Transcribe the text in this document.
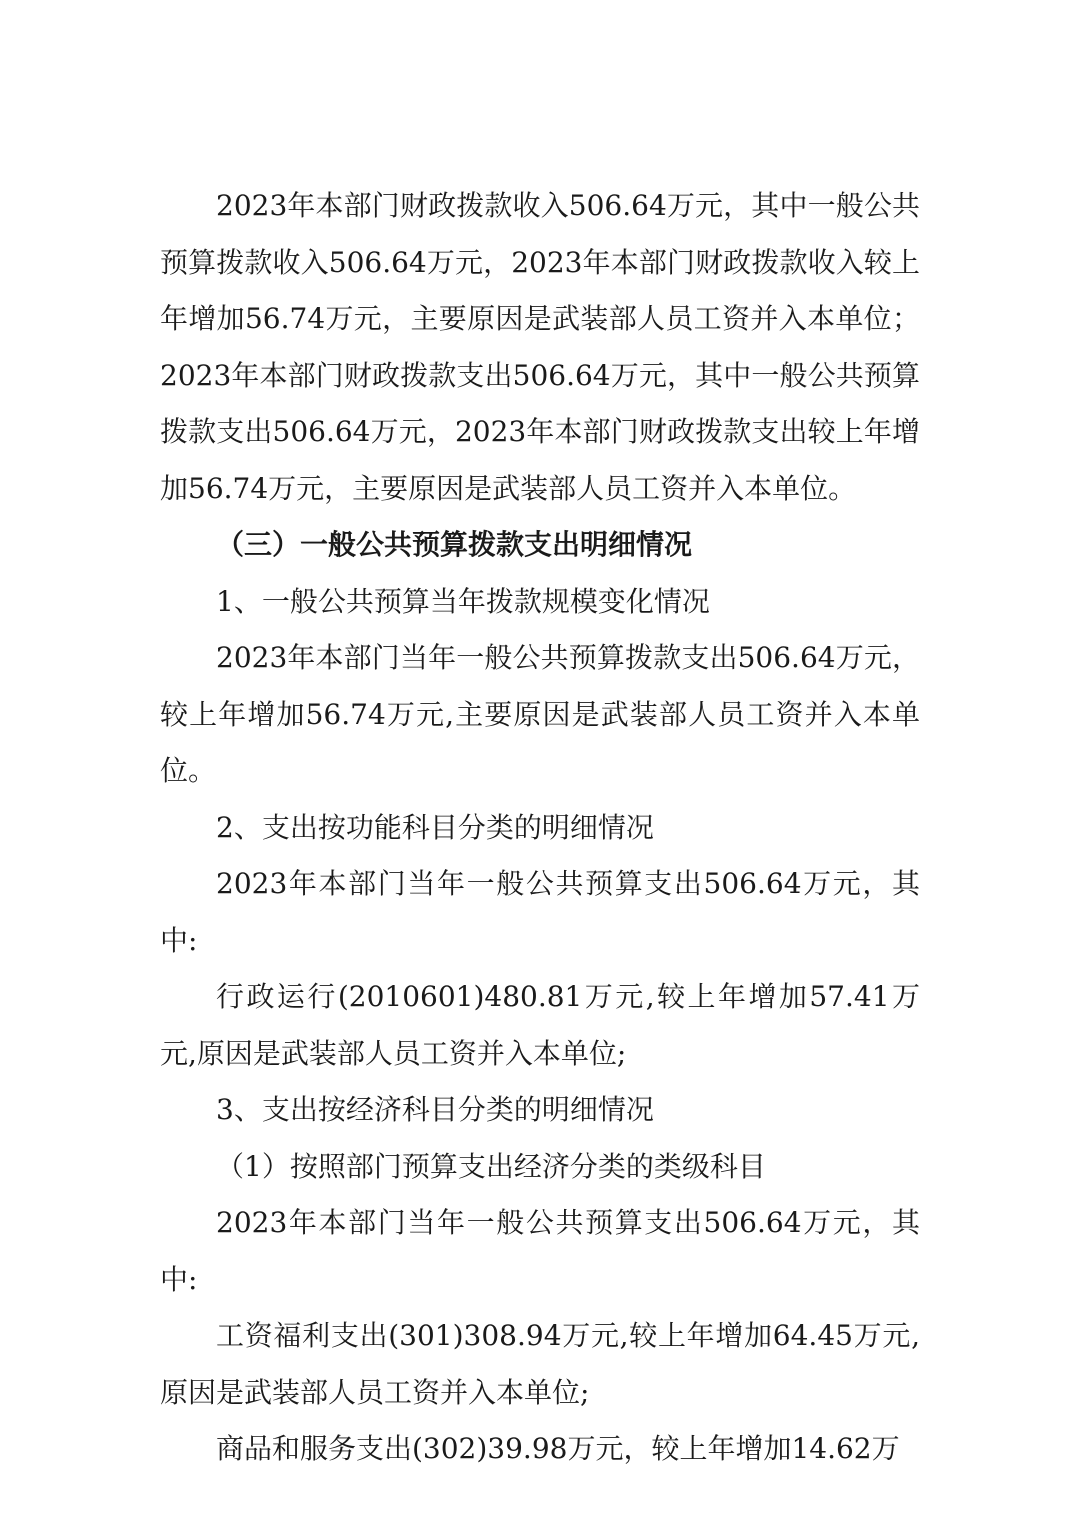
2023年本部门财政拨款收入506.64万元，其中一般公共预算拨款收入506.64万元，2023年本部门财政拨款收入较上年增加56.74万元，主要原因是武装部人员工资并入本单位；2023年本部门财政拨款支出506.64万元，其中一般公共预算拨款支出506.64万元，2023年本部门财政拨款支出较上年增加56.74万元，主要原因是武装部人员工资并入本单位。

（三）一般公共预算拨款支出明细情况

1、一般公共预算当年拨款规模变化情况

2023年本部门当年一般公共预算拨款支出506.64万元，较上年增加56.74万元,主要原因是武装部人员工资并入本单位。

2、支出按功能科目分类的明细情况

2023年本部门当年一般公共预算支出506.64万元，其中:

行政运行(2010601)480.81万元,较上年增加57.41万元,原因是武装部人员工资并入本单位;

3、支出按经济科目分类的明细情况

（1）按照部门预算支出经济分类的类级科目

2023年本部门当年一般公共预算支出506.64万元，其中:

工资福利支出(301)308.94万元,较上年增加64.45万元,原因是武装部人员工资并入本单位;

商品和服务支出(302)39.98万元，较上年增加14.62万
